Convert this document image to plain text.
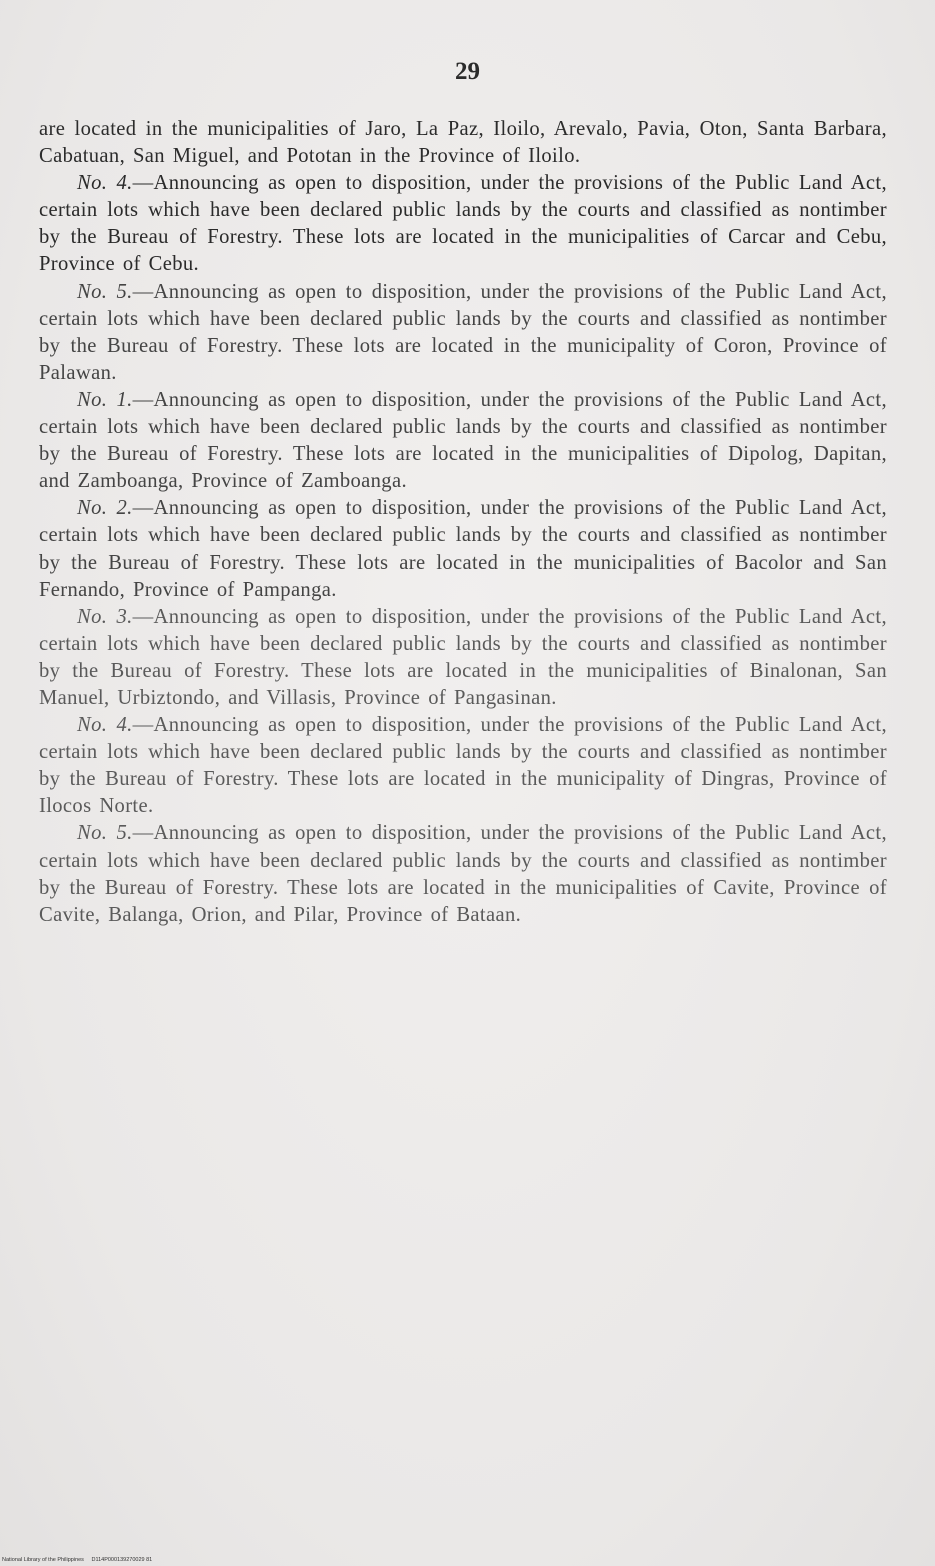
29

are located in the municipalities of Jaro, La Paz, Iloilo, Arevalo, Pavia, Oton, Santa Barbara, Cabatuan, San Miguel, and Pototan in the Province of Iloilo.

No. 4.—Announcing as open to disposition, under the provisions of the Public Land Act, certain lots which have been declared public lands by the courts and classified as nontimber by the Bureau of Forestry. These lots are located in the municipalities of Carcar and Cebu, Province of Cebu.

No. 5.—Announcing as open to disposition, under the provisions of the Public Land Act, certain lots which have been declared public lands by the courts and classified as nontimber by the Bureau of Forestry. These lots are located in the municipality of Coron, Province of Palawan.

No. 1.—Announcing as open to disposition, under the provisions of the Public Land Act, certain lots which have been declared public lands by the courts and classified as nontimber by the Bureau of Forestry. These lots are located in the municipalities of Dipolog, Dapitan, and Zamboanga, Province of Zamboanga.

No. 2.—Announcing as open to disposition, under the provisions of the Public Land Act, certain lots which have been declared public lands by the courts and classified as nontimber by the Bureau of Forestry. These lots are located in the municipalities of Bacolor and San Fernando, Province of Pampanga.

No. 3.—Announcing as open to disposition, under the provisions of the Public Land Act, certain lots which have been declared public lands by the courts and classified as nontimber by the Bureau of Forestry. These lots are located in the municipalities of Binalonan, San Manuel, Urbiztondo, and Villasis, Province of Pangasinan.

No. 4.—Announcing as open to disposition, under the provisions of the Public Land Act, certain lots which have been declared public lands by the courts and classified as nontimber by the Bureau of Forestry. These lots are located in the municipality of Dingras, Province of Ilocos Norte.

No. 5.—Announcing as open to disposition, under the provisions of the Public Land Act, certain lots which have been declared public lands by the courts and classified as nontimber by the Bureau of Forestry. These lots are located in the municipalities of Cavite, Province of Cavite, Balanga, Orion, and Pilar, Province of Bataan.

National Library of the Philippines D114P000139270029 81
